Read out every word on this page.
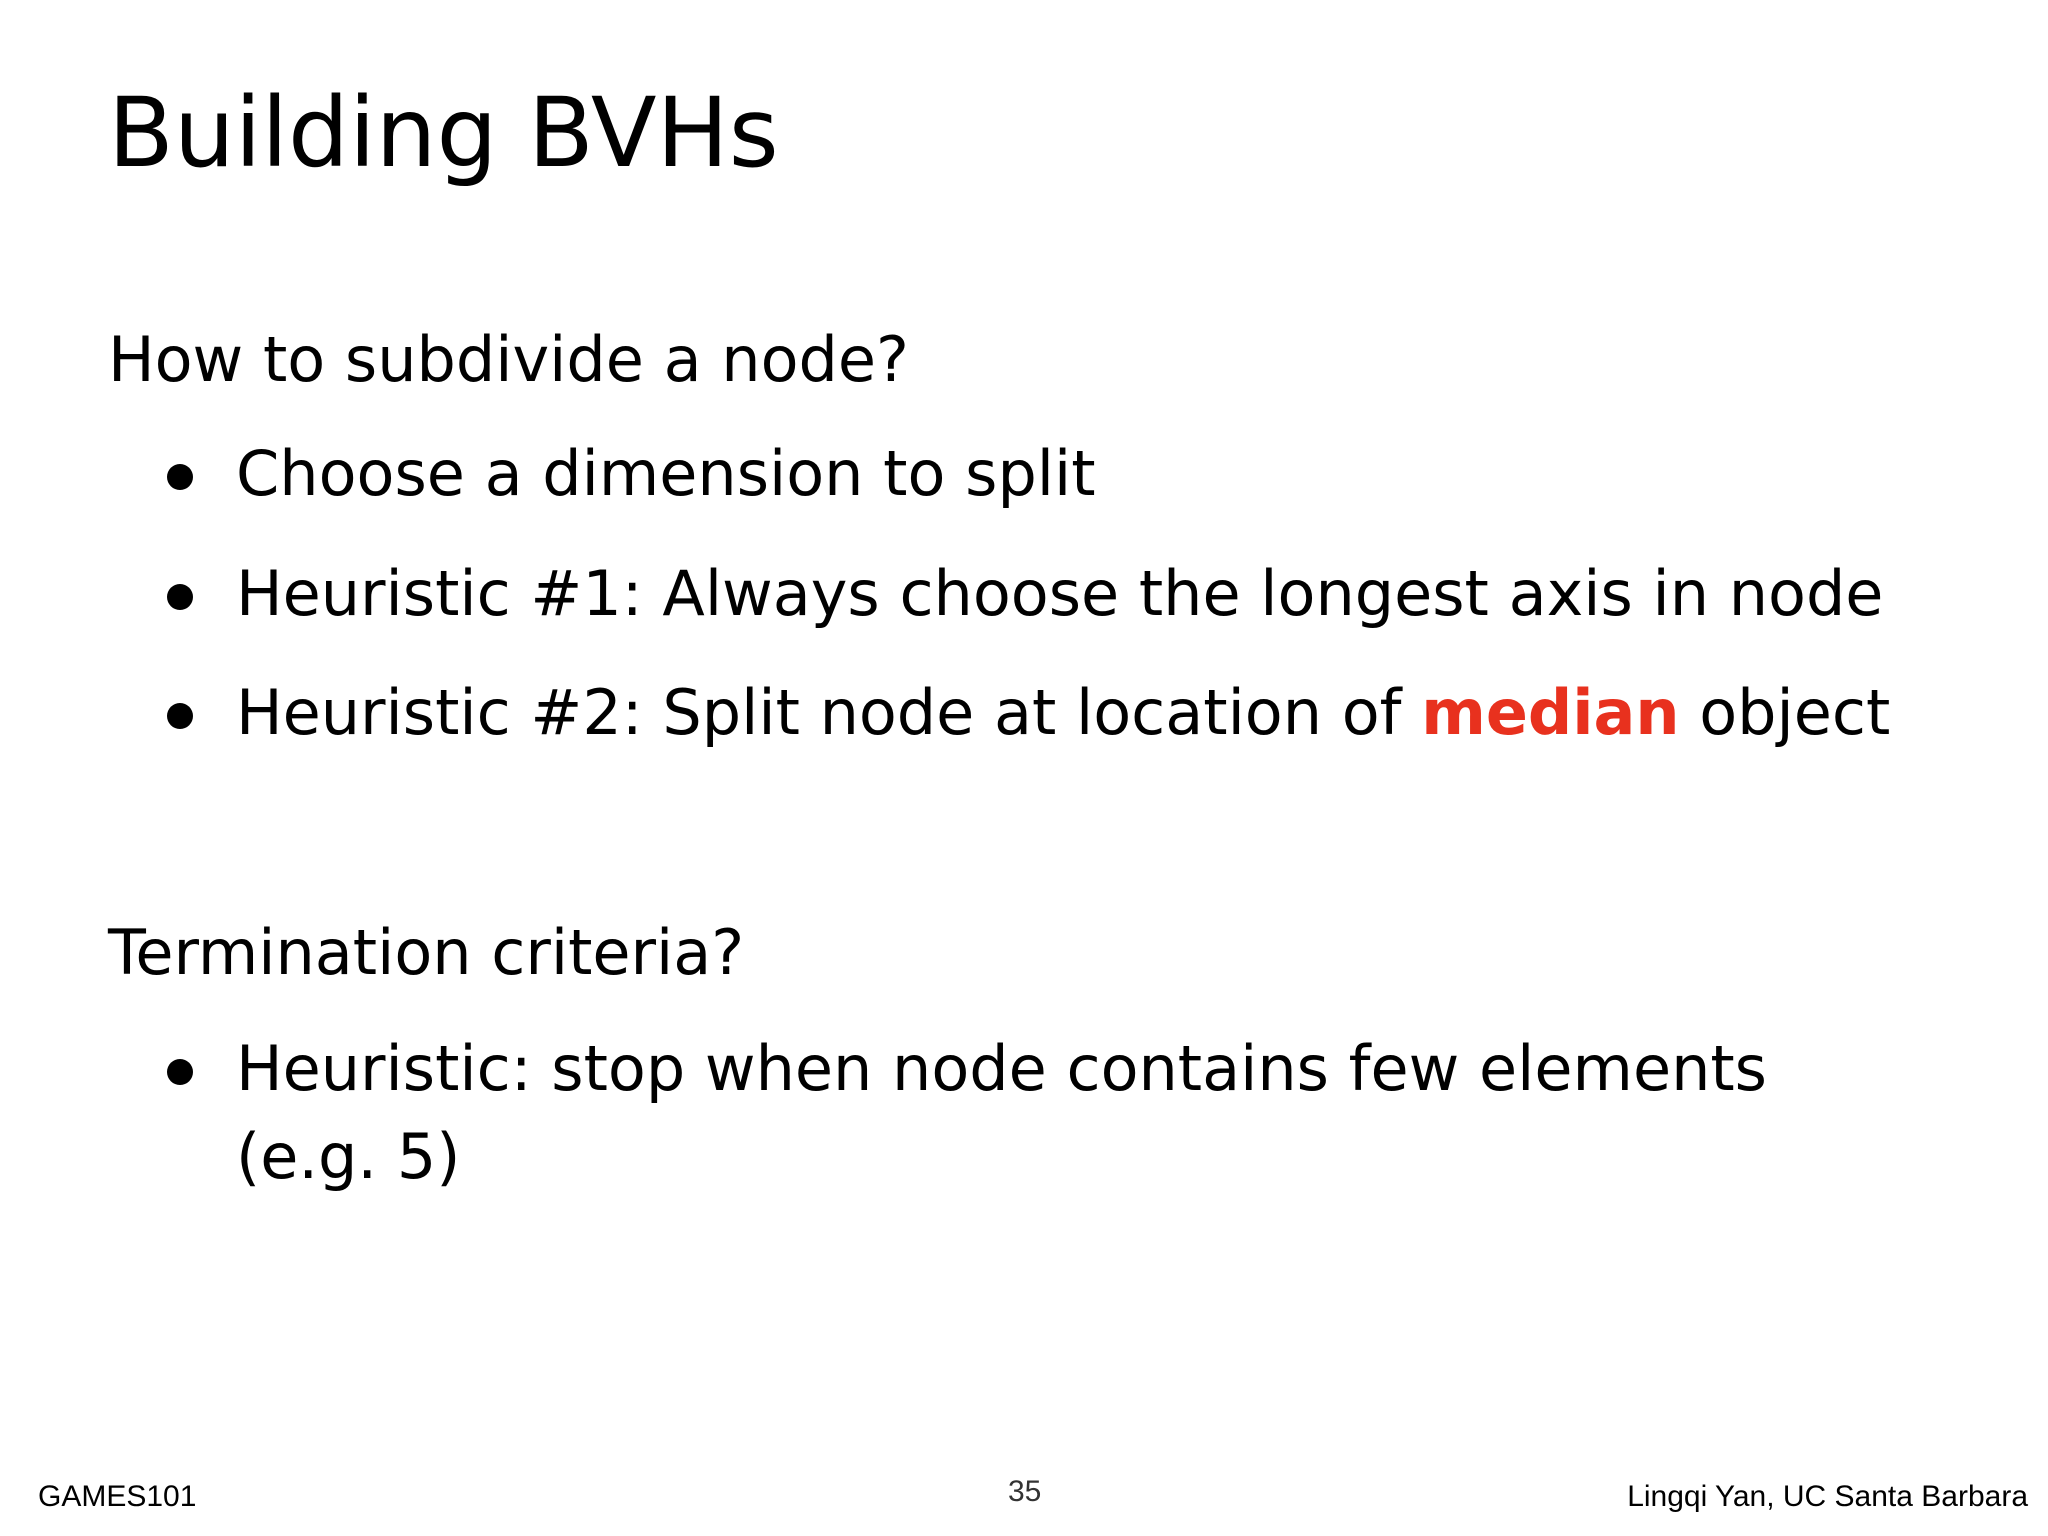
Building BVHs
How to subdivide a node?
Choose a dimension to split
Heuristic #1: Always choose the longest axis in node
Heuristic #2: Split node at location of median object
Termination criteria?
Heuristic: stop when node contains few elements
(e.g. 5)
GAMES101	35	Lingqi Yan, UC Santa Barbara
